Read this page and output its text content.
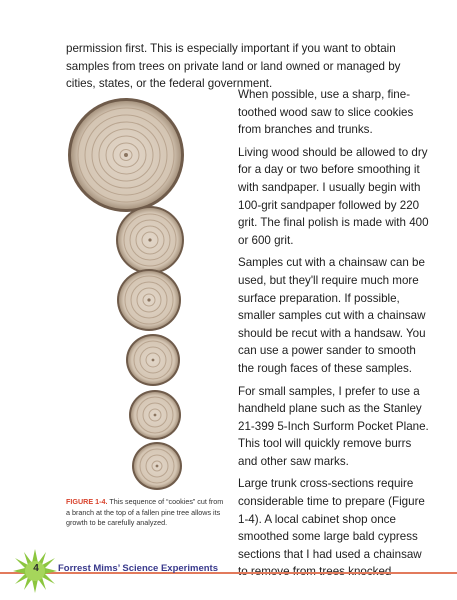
permission first. This is especially important if you want to obtain samples from trees on private land or land owned or managed by cities, states, or the federal government.

When possible, use a sharp, fine-toothed wood saw to slice cookies from branches and trunks.

Living wood should be allowed to dry for a day or two before smoothing it with sandpaper. I usually begin with 100-grit sandpaper followed by 220 grit. The final polish is made with 400 or 600 grit.

Samples cut with a chainsaw can be used, but they'll require much more surface preparation. If possible, smaller samples cut with a chainsaw should be recut with a handsaw. You can use a power sander to smooth the rough faces of these samples.

For small samples, I prefer to use a handheld plane such as the Stanley 21-399 5-Inch Surform Pocket Plane. This tool will quickly remove burrs and other saw marks.

Large trunk cross-sections require considerable time to prepare (Figure 1-4). A local cabinet shop once smoothed some large bald cypress sections that I had used a chainsaw

FIGURE 1-4. This sequence of “cookies” cut from a branch at the top of a fallen pine tree allows its growth to be carefully analyzed.

4	Forrest Mims’ Science Experiments
